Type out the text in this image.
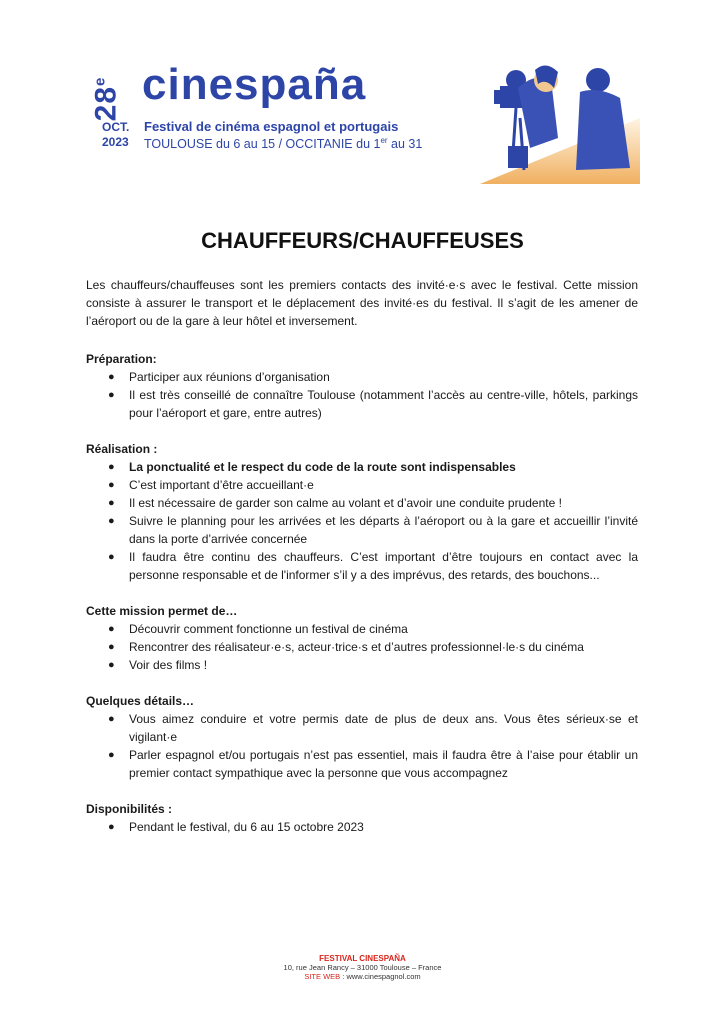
28e cinespaña
OCT.
2023
Festival de cinéma espagnol et portugais
TOULOUSE du 6 au 15 / OCCITANIE du 1er au 31
CHAUFFEURS/CHAUFFEUSES

Les chauffeurs/chauffeuses sont les premiers contacts des invité·e·s avec le festival. Cette mission consiste à assurer le transport et le déplacement des invité·es du festival. Il s’agit de les amener de l’aéroport ou de la gare à leur hôtel et inversement.

Préparation:

● Participer aux réunions d’organisation
● Il est très conseillé de connaître Toulouse (notamment l’accès au centre-ville, hôtels, parkings pour l’aéroport et gare, entre autres)

Réalisation :

● La ponctualité et le respect du code de la route sont indispensables
● C’est important d’être accueillant·e
● Il est nécessaire de garder son calme au volant et d’avoir une conduite prudente !
● Suivre le planning pour les arrivées et les départs à l’aéroport ou à la gare et accueillir l’invité dans la porte d’arrivée concernée
● Il faudra être continu des chauffeurs. C’est important d’être toujours en contact avec la personne responsable et de l'informer s’il y a des imprévus, des retards, des bouchons...

Cette mission permet de…

● Découvrir comment fonctionne un festival de cinéma
● Rencontrer des réalisateur·e·s, acteur·trice·s et d’autres professionnel·le·s du cinéma
● Voir des films !

Quelques détails…

● Vous aimez conduire et votre permis date de plus de deux ans. Vous êtes sérieux·se et vigilant·e
● Parler espagnol et/ou portugais n’est pas essentiel, mais il faudra être à l’aise pour établir un premier contact sympathique avec la personne que vous accompagnez

Disponibilités :

● Pendant le festival, du 6 au 15 octobre 2023
FESTIVAL CINESPAÑA
10, rue Jean Rancy – 31000 Toulouse – France
SITE WEB : www.cinespagnol.com
